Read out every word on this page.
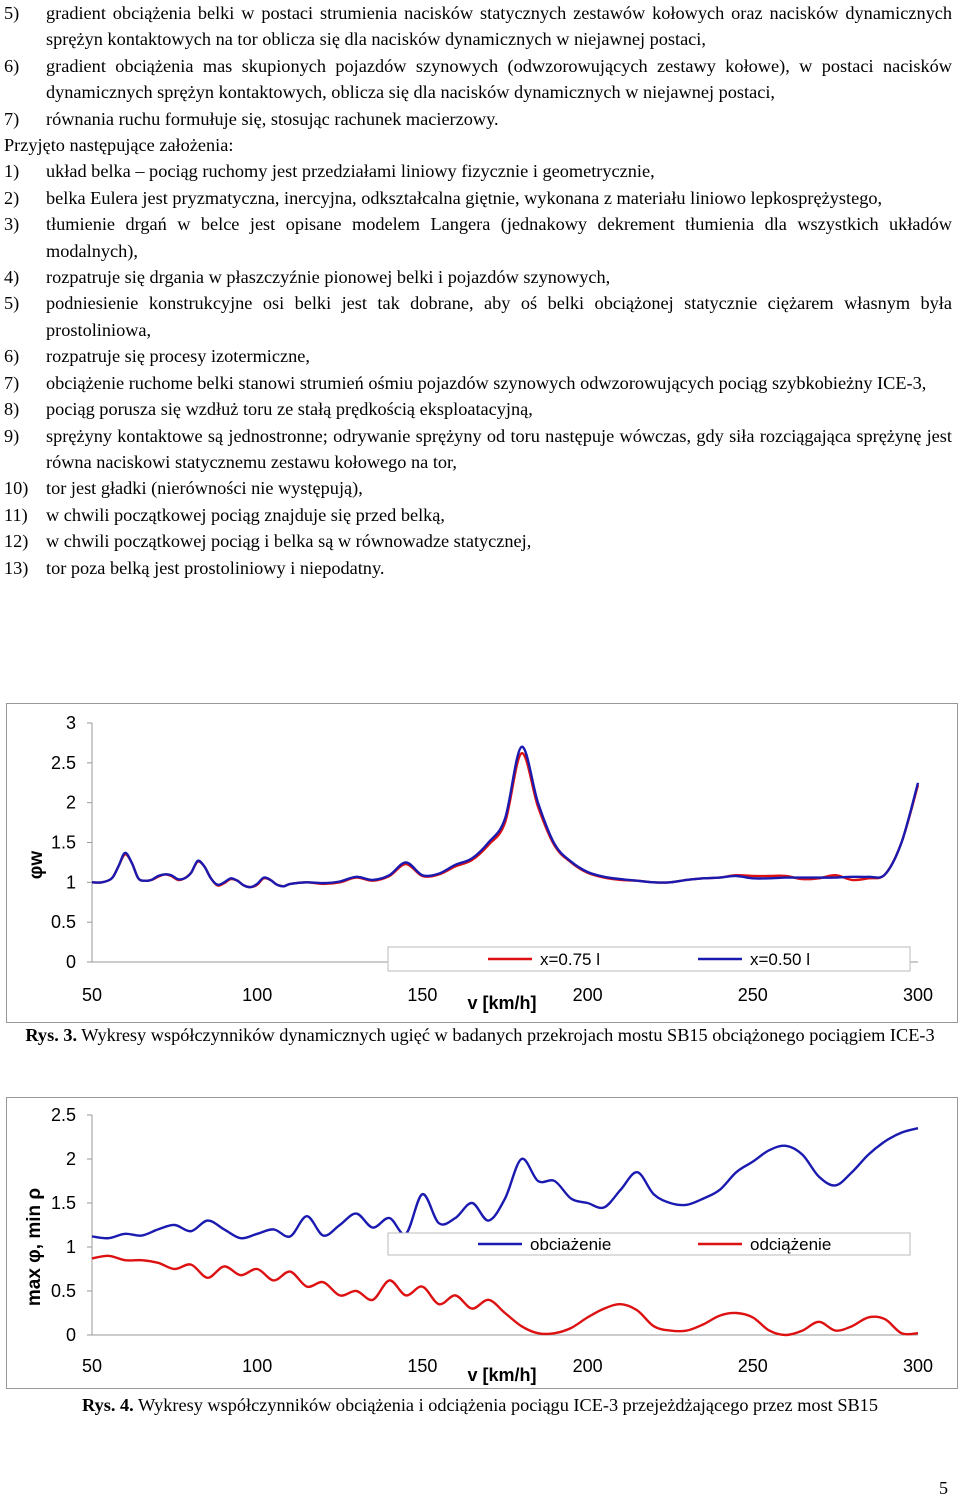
5) gradient obciążenia belki w postaci strumienia nacisków statycznych zestawów kołowych oraz nacisków dynamicznych sprężyn kontaktowych na tor oblicza się dla nacisków dynamicznych w niejawnej postaci,
6) gradient obciążenia mas skupionych pojazdów szynowych (odwzorowujących zestawy kołowe), w postaci nacisków dynamicznych sprężyn kontaktowych, oblicza się dla nacisków dynamicznych w niejawnej postaci,
7) równania ruchu formułuje się, stosując rachunek macierzowy.
Przyjęto następujące założenia:
1) układ belka – pociąg ruchomy jest przedziałami liniowy fizycznie i geometrycznie,
2) belka Eulera jest pryzmatyczna, inercyjna, odkształcalna giętnie, wykonana z materiału liniowo lepkosprężystego,
3) tłumienie drgań w belce jest opisane modelem Langera (jednakowy dekrement tłumienia dla wszystkich układów modalnych),
4) rozpatruje się drgania w płaszczyźnie pionowej belki i pojazdów szynowych,
5) podniesienie konstrukcyjne osi belki jest tak dobrane, aby oś belki obciążonej statycznie ciężarem własnym była prostoliniowa,
6) rozpatruje się procesy izotermiczne,
7) obciążenie ruchome belki stanowi strumień ośmiu pojazdów szynowych odwzorowujących pociąg szybkobieżny ICE-3,
8) pociąg porusza się wzdłuż toru ze stałą prędkością eksploatacyjną,
9) sprężyny kontaktowe są jednostronne; odrywanie sprężyny od toru następuje wówczas, gdy siła rozciągająca sprężynę jest równa naciskowi statycznemu zestawu kołowego na tor,
10) tor jest gładki (nierówności nie występują),
11) w chwili początkowej pociąg znajduje się przed belką,
12) w chwili początkowej pociąg i belka są w równowadze statycznej,
13) tor poza belką jest prostoliniowy i niepodatny.
0
0.5
1
1.5
2
2.5
3
50	100	150	200	250	300
v [km/h]
φw
x=0.75 l	x=0.50 l
Rys. 3. Wykresy współczynników dynamicznych ugięć w badanych przekrojach mostu SB15 obciążonego pociągiem ICE-3
0
0.5
1
1.5
2
2.5
50	100	150	200	250	300
v [km/h]
max φ, min ρ	obciażenie	odciążenie
Rys. 4. Wykresy współczynników obciążenia i odciążenia pociągu ICE-3 przejeżdżającego przez most SB15
5
